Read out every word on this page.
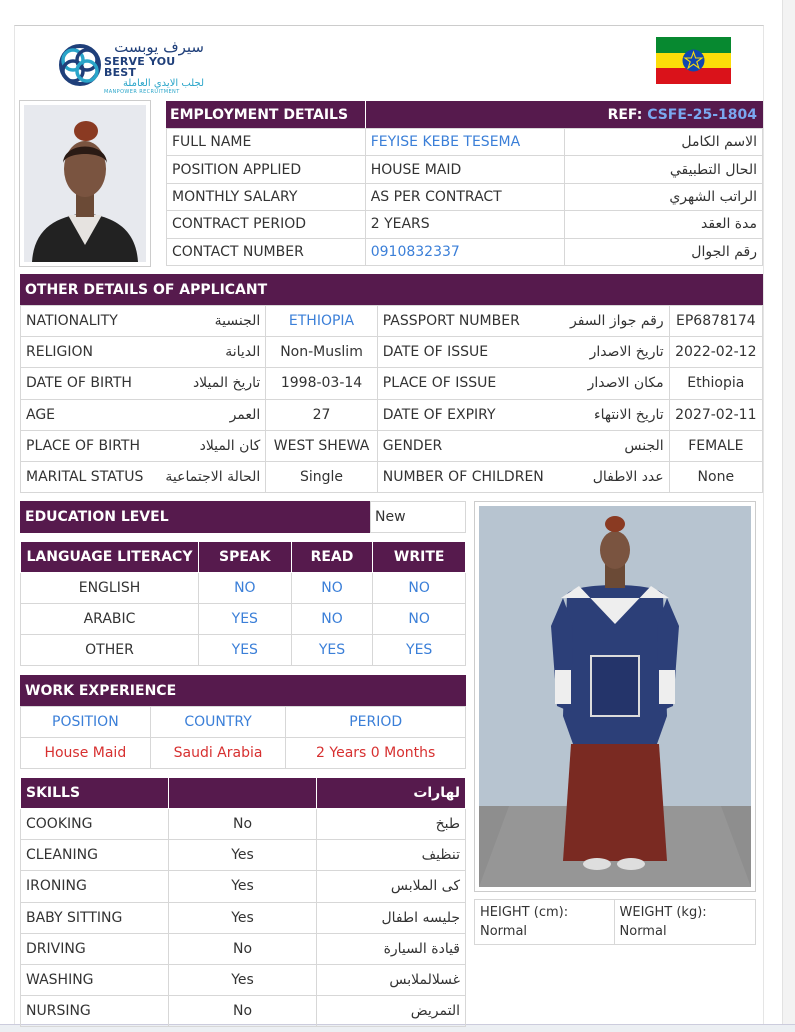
سيرف يوبست
SERVE YOU BEST
لجلب الايدي العاملة
MANPOWER RECRUITMENT
EMPLOYMENT DETAILS	REF: CSFE-25-1804
FULL NAME	FEYISE KEBE TESEMA	الاسم الكامل
POSITION APPLIED	HOUSE MAID	الحال التطبيقي
MONTHLY SALARY	AS PER CONTRACT	الراتب الشهري
CONTRACT PERIOD	2 YEARS	مدة العقد
CONTACT NUMBER	0910832337	رقم الجوال
OTHER DETAILS OF APPLICANT
NATIONALITY	الجنسية	ETHIOPIA	PASSPORT NUMBER	رقم جواز السفر	EP6878174
RELIGION	الديانة	Non-Muslim	DATE OF ISSUE	تاريخ الاصدار	2022-02-12
DATE OF BIRTH	تاريخ الميلاد	1998-03-14	PLACE OF ISSUE	مكان الاصدار	Ethiopia
AGE	العمر	27	DATE OF EXPIRY	تاريخ الانتهاء	2027-02-11
PLACE OF BIRTH	كان الميلاد	WEST SHEWA	GENDER	الجنس	FEMALE
MARITAL STATUS	الحالة الاجتماعية	Single	NUMBER OF CHILDREN	عدد الاطفال	None
EDUCATION LEVEL	New
LANGUAGE LITERACY	SPEAK	READ	WRITE
ENGLISH	NO	NO	NO
ARABIC	YES	NO	NO
OTHER	YES	YES	YES
WORK EXPERIENCE
POSITION	COUNTRY	PERIOD
House Maid	Saudi Arabia	2 Years 0 Months
SKILLS		لهارات
COOKING	No	طبخ
CLEANING	Yes	تنظيف
IRONING	Yes	کی الملابس
BABY SITTING	Yes	جليسه اطفال
DRIVING	No	قيادة السيارة
WASHING	Yes	غسلالملابس
NURSING	No	التمريض
HEIGHT (cm):
Normal

WEIGHT (kg):
Normal
